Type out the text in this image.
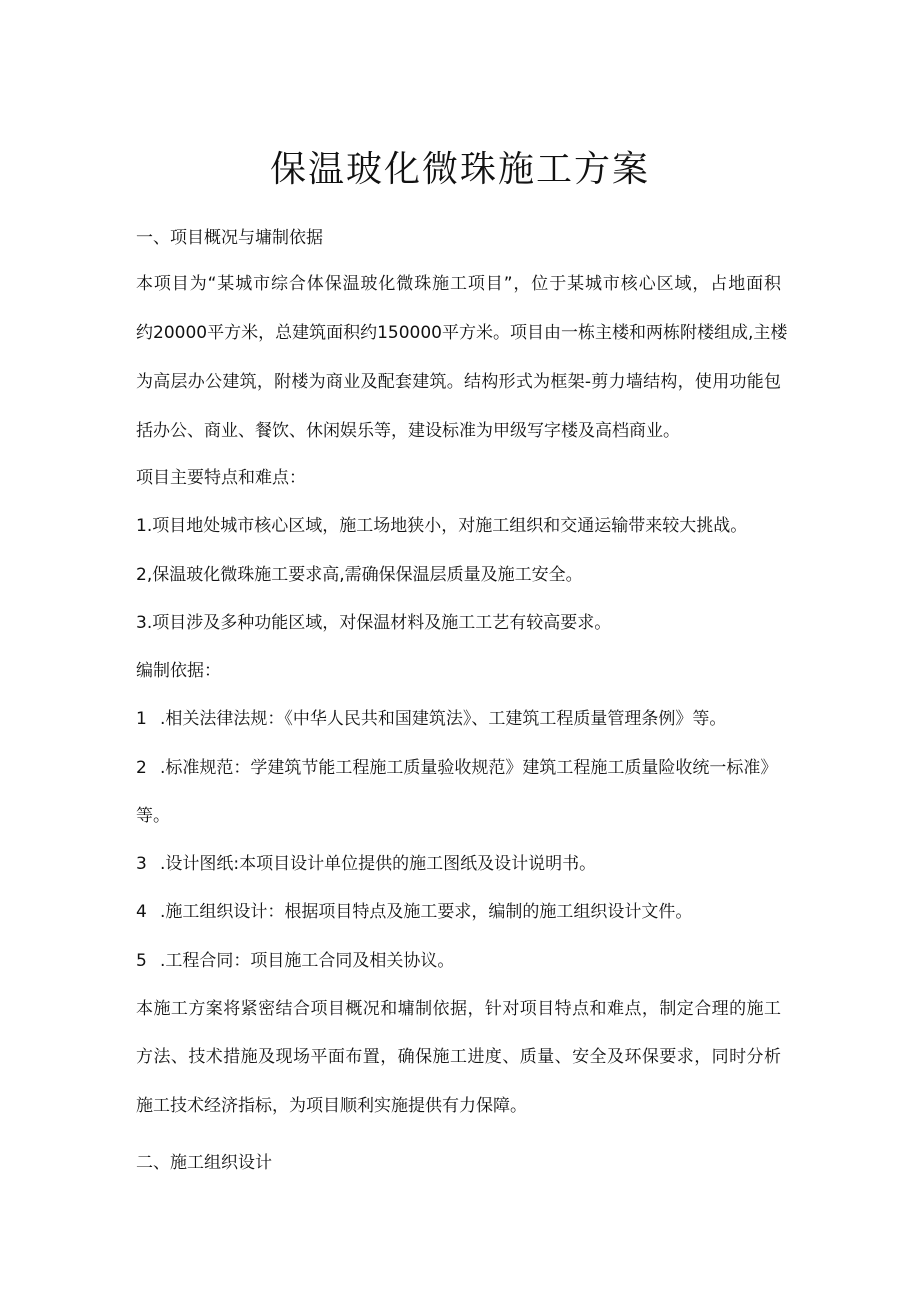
保温玻化微珠施工方案

一、项目概况与墉制依据

本项目为“某城市综合体保温玻化微珠施工项目”，位于某城市核心区域，占地面积

约20000平方米，总建筑面积约150000平方米。项目由一栋主楼和两栋附楼组成,主楼

为高层办公建筑，附楼为商业及配套建筑。结构形式为框架-剪力墙结构，使用功能包

括办公、商业、餐饮、休闲娱乐等，建设标准为甲级写字楼及高档商业。

项目主要特点和难点：

1.项目地处城市核心区域，施工场地狭小，对施工组织和交通运输带来较大挑战。

2,保温玻化微珠施工要求高,需确保保温层质量及施工安全。

3.项目涉及多种功能区域，对保温材料及施工工艺有较高要求。

编制依据：

1 .相关法律法规：《中华人民共和国建筑法》、工建筑工程质量管理条例》等。

2 .标准规范：学建筑节能工程施工质量验收规范》建筑工程施工质量险收统一标准》

等。

3 .设计图纸:本项目设计单位提供的施工图纸及设计说明书。

4 .施工组织设计：根据项目特点及施工要求，编制的施工组织设计文件。

5 .工程合同：项目施工合同及相关协议。

本施工方案将紧密结合项目概况和墉制依据，针对项目特点和难点，制定合理的施工

方法、技术措施及现场平面布置，确保施工进度、质量、安全及环保要求，同时分析

施工技术经济指标，为项目顺利实施提供有力保障。

二、施工组织设计
